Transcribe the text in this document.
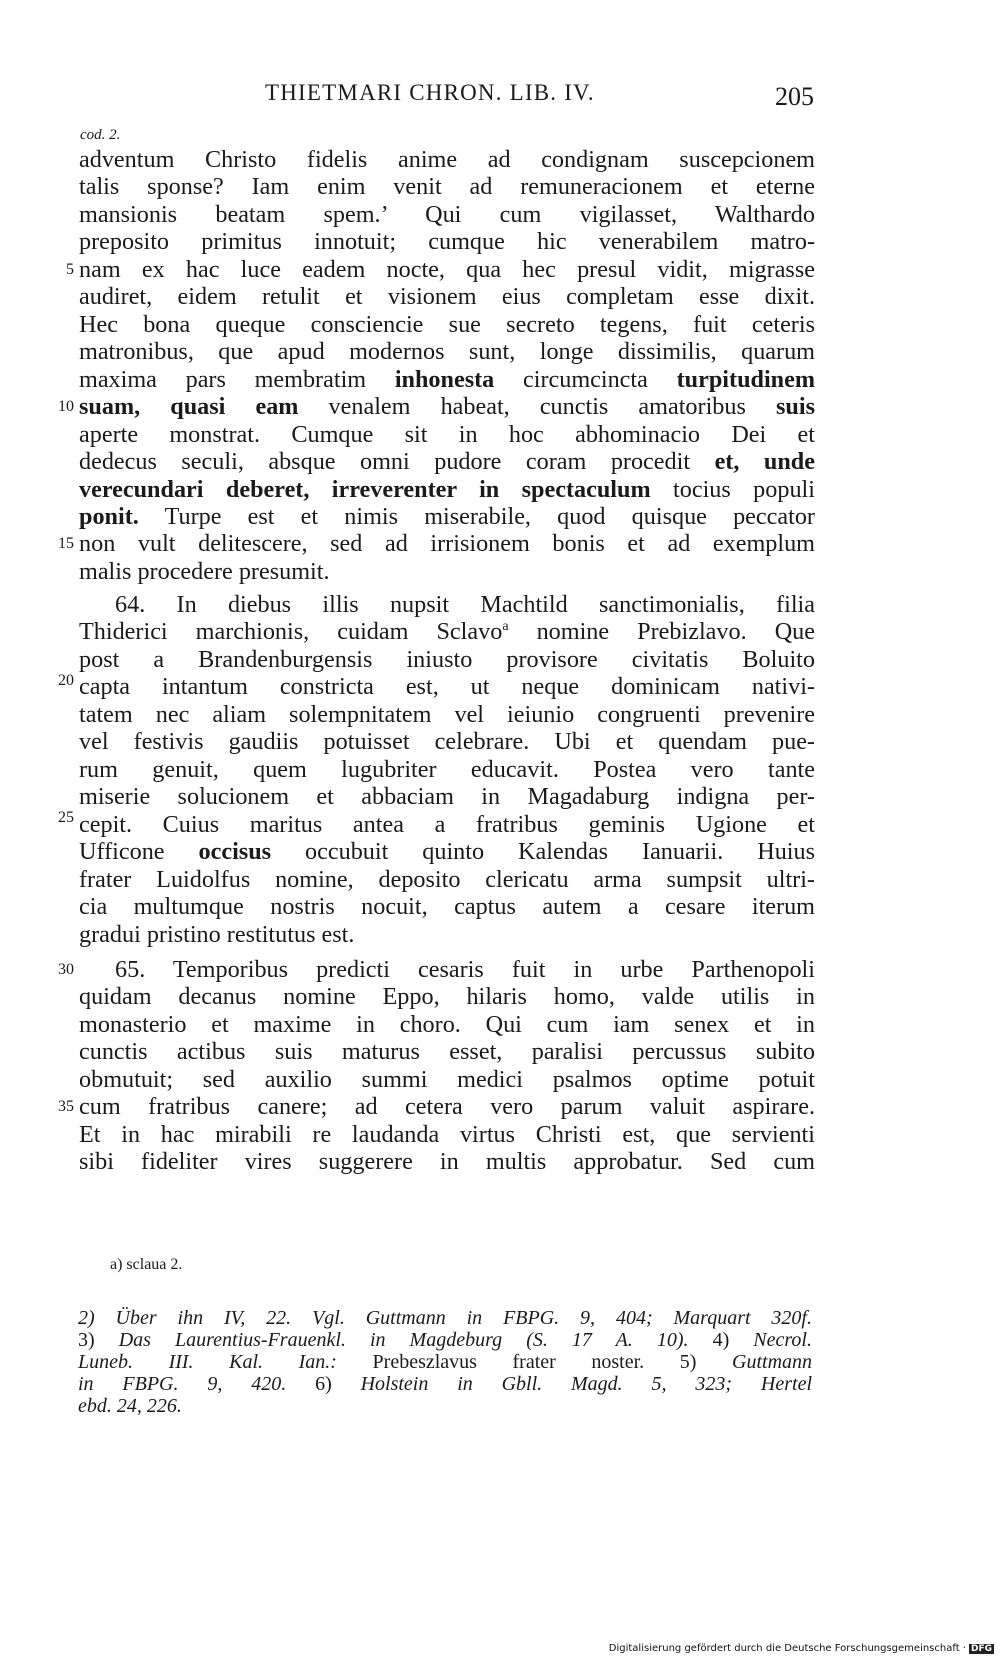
THIETMARI CHRON. LIB. IV.	205
cod. 2.
5
10
15
20
25
30
35
adventum Christo fidelis anime ad condignam suscepcionem
talis sponse? Iam enim venit ad remuneracionem et eterne
mansionis beatam spem.’ Qui cum vigilasset, Walthardo
preposito primitus innotuit; cumque hic venerabilem matro-
nam ex hac luce eadem nocte, qua hec presul vidit, migrasse
audiret, eidem retulit et visionem eius completam esse dixit.
Hec bona queque consciencie sue secreto tegens, fuit ceteris
matronibus, que apud modernos sunt, longe dissimilis, quarum
maxima pars membratim inhonesta circumcincta turpitudinem
suam, quasi eam venalem habeat, cunctis amatoribus suis
aperte monstrat. Cumque sit in hoc abhominacio Dei et
dedecus seculi, absque omni pudore coram procedit et, unde
verecundari deberet, irreverenter in spectaculum tocius populi
ponit. Turpe est et nimis miserabile, quod quisque peccator
non vult delitescere, sed ad irrisionem bonis et ad exemplum
malis procedere presumit.
64. In diebus illis nupsit Machtild sanctimonialis, filia
Thiderici marchionis, cuidam Sclavo$^a$ nomine Prebizlavo. Que
post a Brandenburgensis iniusto provisore civitatis Boluito
capta intantum constricta est, ut neque dominicam nativi-
tatem nec aliam solempnitatem vel ieiunio congruenti prevenire
vel festivis gaudiis potuisset celebrare. Ubi et quendam pue-
rum genuit, quem lugubriter educavit. Postea vero tante
miserie solucionem et abbaciam in Magadaburg indigna per-
cepit. Cuius maritus antea a fratribus geminis Ugione et
Ufficone occisus occubuit quinto Kalendas Ianuarii. Huius
frater Luidolfus nomine, deposito clericatu arma sumpsit ultri-
cia multumque nostris nocuit, captus autem a cesare iterum
gradui pristino restitutus est.
65. Temporibus predicti cesaris fuit in urbe Parthenopoli
quidam decanus nomine Eppo, hilaris homo, valde utilis in
monasterio et maxime in choro. Qui cum iam senex et in
cunctis actibus suis maturus esset, paralisi percussus subito
obmutuit; sed auxilio summi medici psalmos optime potuit
cum fratribus canere; ad cetera vero parum valuit aspirare.
Et in hac mirabili re laudanda virtus Christi est, que servienti
sibi fideliter vires suggerere in multis approbatur. Sed cum
a) sclaua 2.
2) Über ihn IV, 22. Vgl. Guttmann in FBPG. 9, 404; Marquart 320f.
3) Das Laurentius-Frauenkl. in Magdeburg (S. 17 A. 10). 4) Necrol.
Luneb. III. Kal. Ian.: Prebeszlavus frater noster. 5) Guttmann
in FBPG. 9, 420. 6) Holstein in Gbll. Magd. 5, 323; Hertel
ebd. 24, 226.
Digitalisierung gefördert durch die Deutsche Forschungsgemeinschaft · DFG
